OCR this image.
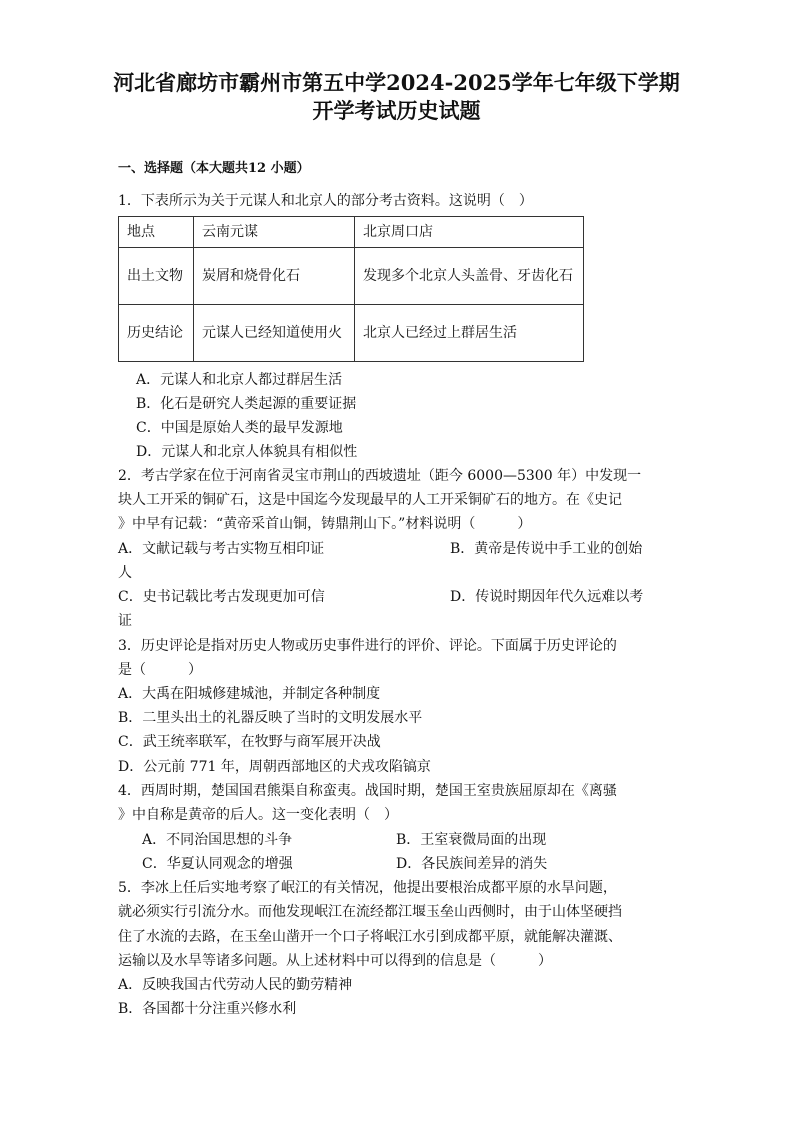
河北省廊坊市霸州市第五中学2024-2025学年七年级下学期
开学考试历史试题
一、选择题（本大题共12 小题）
1．下表所示为关于元谋人和北京人的部分考古资料。这说明（　）
地点	云南元谋	北京周口店
出土文物	炭屑和烧骨化石	发现多个北京人头盖骨、牙齿化石
历史结论	元谋人已经知道使用火	北京人已经过上群居生活
A．元谋人和北京人都过群居生活
B．化石是研究人类起源的重要证据
C．中国是原始人类的最早发源地
D．元谋人和北京人体貌具有相似性
2．考古学家在位于河南省灵宝市荆山的西坡遗址（距今 6000—5300 年）中发现一
块人工开采的铜矿石，这是中国迄今发现最早的人工开采铜矿石的地方。在《史记
》中早有记载：“黄帝采首山铜，铸鼎荆山下。”材料说明（　　　）
A．文献记载与考古实物互相印证	B．黄帝是传说中手工业的创始
人
C．史书记载比考古发现更加可信	D．传说时期因年代久远难以考
证
3．历史评论是指对历史人物或历史事件进行的评价、评论。下面属于历史评论的
是（　　　）
A．大禹在阳城修建城池，并制定各种制度
B．二里头出土的礼器反映了当时的文明发展水平
C．武王统率联军，在牧野与商军展开决战
D．公元前 771 年，周朝西部地区的犬戎攻陷镐京
4．西周时期，楚国国君熊渠自称蛮夷。战国时期，楚国王室贵族屈原却在《离骚
》中自称是黄帝的后人。这一变化表明（　）
A．不同治国思想的斗争	B．王室衰微局面的出现
C．华夏认同观念的增强	D．各民族间差异的消失
5．李冰上任后实地考察了岷江的有关情况，他提出要根治成都平原的水旱问题，
就必须实行引流分水。而他发现岷江在流经都江堰玉垒山西侧时，由于山体坚硬挡
住了水流的去路，在玉垒山凿开一个口子将岷江水引到成都平原，就能解决灌溉、
运输以及水旱等诸多问题。从上述材料中可以得到的信息是（　　　）
A．反映我国古代劳动人民的勤劳精神
B．各国都十分注重兴修水利
